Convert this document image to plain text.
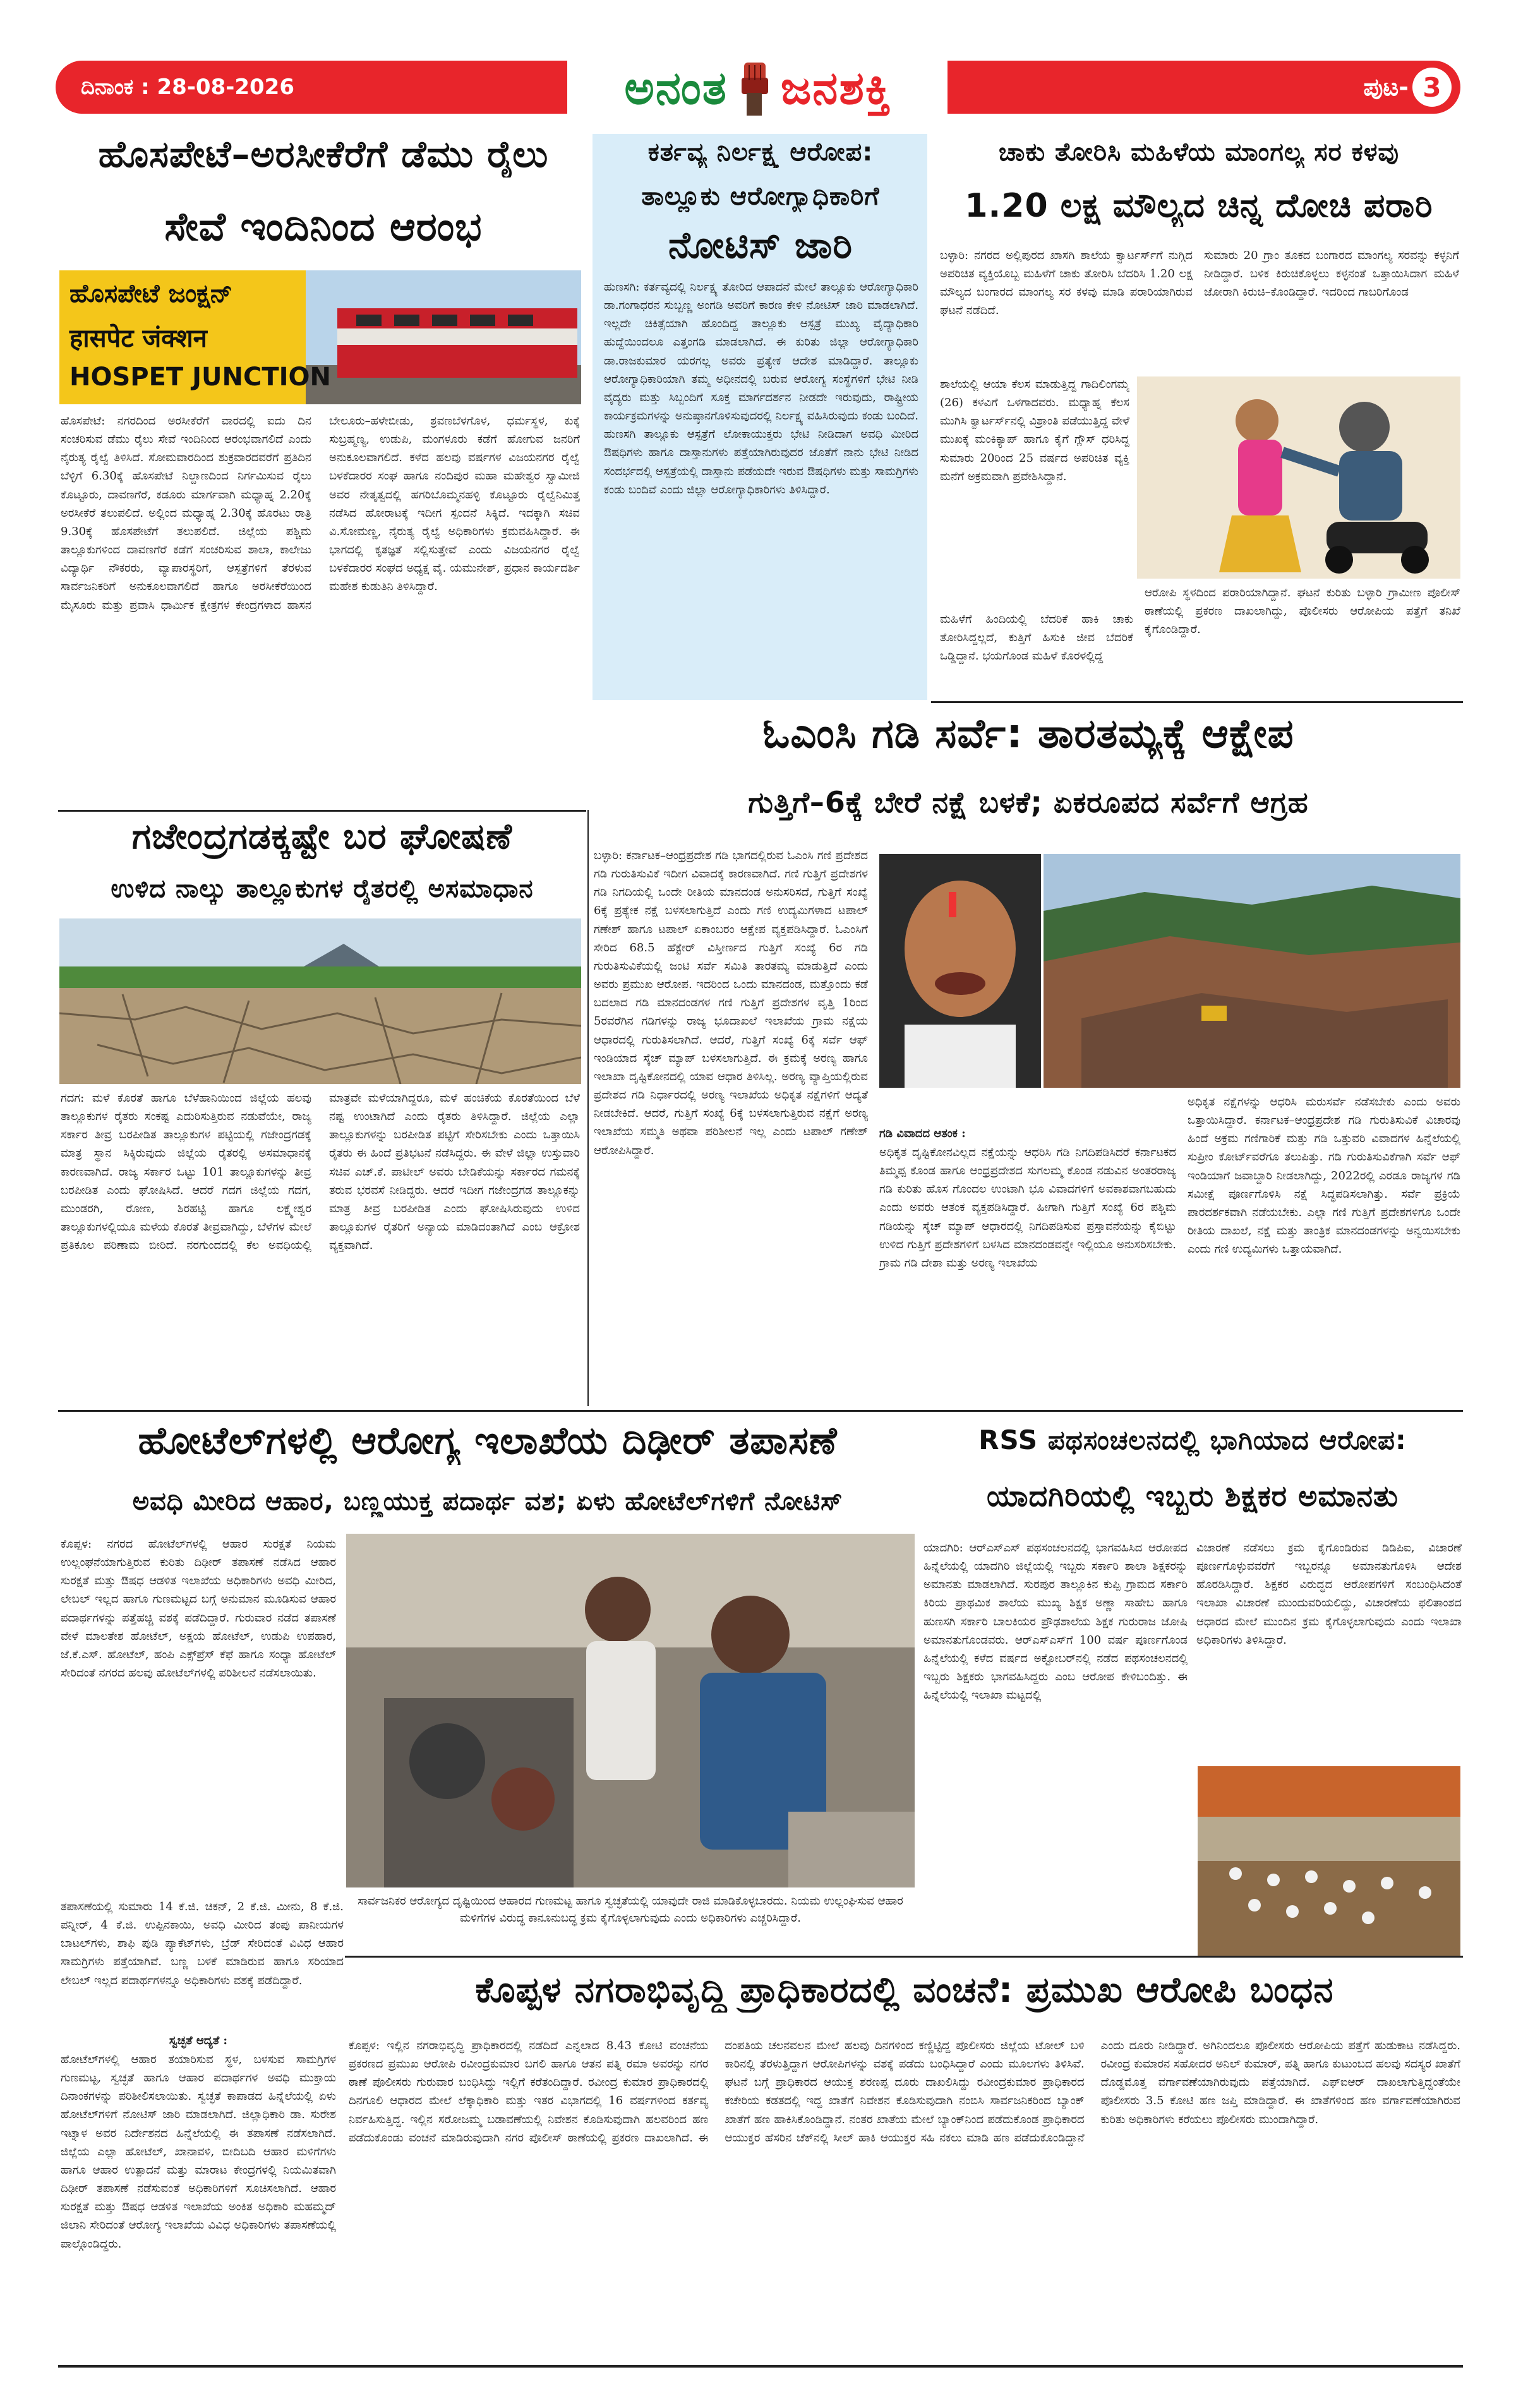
ದಿನಾಂಕ : 28-08-2026	ಅನಂತ ಜನಶಕ್ತಿ	ಪುಟ- 3
ಹೊಸಪೇಟೆ–ಅರಸೀಕೆರೆಗೆ ಡೆಮು ರೈಲು
ಸೇವೆ ಇಂದಿನಿಂದ ಆರಂಭ
ಹೊಸಪೇಟೆ ಜಂಕ್ಷನ್
हासपेट जंक्शन
HOSPET JUNCTION
ಹೊಸಪೇಟೆ: ನಗರದಿಂದ ಅರಸೀಕೆರೆಗೆ ವಾರದಲ್ಲಿ ಐದು ದಿನ ಸಂಚರಿಸುವ ಡೆಮು ರೈಲು ಸೇವೆ ಇಂದಿನಿಂದ ಆರಂಭವಾಗಲಿದೆ ಎಂದು ನೈರುತ್ಯ ರೈಲ್ವೆ ತಿಳಿಸಿದೆ. ಸೋಮವಾರದಿಂದ ಶುಕ್ರವಾರದವರೆಗೆ ಪ್ರತಿದಿನ ಬೆಳ್ಳಿಗೆ 6.30ಕ್ಕೆ ಹೊಸಪೇಟೆ ನಿಲ್ದಾಣದಿಂದ ನಿರ್ಗಮಿಸುವ ರೈಲು ಕೊಟ್ಟೂರು, ದಾವಣಗೆರೆ, ಕಡೂರು ಮಾರ್ಗವಾಗಿ ಮಧ್ಯಾಹ್ನ 2.20ಕ್ಕೆ ಅರಸೀಕೆರೆ ತಲುಪಲಿದೆ. ಅಲ್ಲಿಂದ ಮಧ್ಯಾಹ್ನ 2.30ಕ್ಕೆ ಹೊರಟು ರಾತ್ರಿ 9.30ಕ್ಕೆ ಹೊಸಪೇಟೆಗೆ ತಲುಪಲಿದೆ. ಜಿಲ್ಲೆಯ ಪಶ್ಚಿಮ ತಾಲ್ಲೂಕುಗಳಿಂದ ದಾವಣಗೆರೆ ಕಡೆಗೆ ಸಂಚರಿಸುವ ಶಾಲಾ, ಕಾಲೇಜು ವಿದ್ಯಾರ್ಥಿ ನೌಕರರು, ವ್ಯಾಪಾರಸ್ಥರಿಗೆ, ಆಸ್ಪತ್ರೆಗಳಿಗೆ ತೆರಳುವ ಸಾರ್ವಜನಿಕರಿಗೆ ಅನುಕೂಲವಾಗಲಿದೆ ಹಾಗೂ ಅರಸೀಕೆರೆಯಿಂದ ಮೈಸೂರು ಮತ್ತು ಪ್ರವಾಸಿ ಧಾರ್ಮಿಕ ಕ್ಷೇತ್ರಗಳ ಕೇಂದ್ರಗಳಾದ ಹಾಸನ ಬೇಲೂರು–ಹಳೇಬೀಡು, ಶ್ರವಣಬೆಳಗೊಳ, ಧರ್ಮಸ್ಥಳ, ಕುಕ್ಕೆ ಸುಬ್ರಹ್ಮಣ್ಯ, ಉಡುಪಿ, ಮಂಗಳೂರು ಕಡೆಗೆ ಹೋಗುವ ಜನರಿಗೆ ಅನುಕೂಲವಾಗಲಿದೆ. ಕಳೆದ ಹಲವು ವರ್ಷಗಳ ವಿಜಯನಗರ ರೈಲ್ವೆ ಬಳಕೆದಾರರ ಸಂಘ ಹಾಗೂ ನಂದಿಪುರ ಮಹಾ ಮಹೇಶ್ವರ ಸ್ವಾಮೀಜಿ ಅವರ ನೇತೃತ್ವದಲ್ಲಿ ಹಗರಿಬೊಮ್ಮನಹಳ್ಳಿ ಕೊಟ್ಟೂರು ರೈಲ್ವೆನಿಮಿತ್ತ ನಡೆಸಿದ ಹೋರಾಟಕ್ಕೆ ಇದೀಗ ಸ್ಪಂದನೆ ಸಿಕ್ಕಿದೆ. ಇದಕ್ಕಾಗಿ ಸಚಿವ ವಿ.ಸೋಮಣ್ಣ, ನೈರುತ್ಯ ರೈಲ್ವೆ ಅಧಿಕಾರಿಗಳು ಕ್ರಮವಹಿಸಿದ್ದಾರೆ. ಈ ಭಾಗದಲ್ಲಿ ಕೃತಜ್ಞತೆ ಸಲ್ಲಿಸುತ್ತೇವೆ ಎಂದು ವಿಜಯನಗರ ರೈಲ್ವೆ ಬಳಕೆದಾರರ ಸಂಘದ ಅಧ್ಯಕ್ಷ ವೈ. ಯಮುನೇಶ್, ಪ್ರಧಾನ ಕಾರ್ಯದರ್ಶಿ ಮಹೇಶ ಕುಡುತಿನಿ ತಿಳಿಸಿದ್ದಾರೆ.
ಕರ್ತವ್ಯ ನಿರ್ಲಕ್ಷ್ಯ ಆರೋಪ:
ತಾಲ್ಲೂಕು ಆರೋಗ್ಯಾಧಿಕಾರಿಗೆ
ನೋಟಿಸ್ ಜಾರಿ
ಹುಣಸಗಿ: ಕರ್ತವ್ಯದಲ್ಲಿ ನಿರ್ಲಕ್ಷ್ಯ ತೋರಿದ ಆಪಾದನೆ ಮೇಲೆ ತಾಲ್ಲೂಕು ಆರೋಗ್ಯಾಧಿಕಾರಿ ಡಾ.ಗಂಗಾಧರನ ಸುಬ್ಬಣ್ಣ ಅಂಗಡಿ ಅವರಿಗೆ ಕಾರಣ ಕೇಳಿ ನೋಟಿಸ್ ಜಾರಿ ಮಾಡಲಾಗಿದೆ. ಇಲ್ಲದೇ ಚಿಕಿತ್ಸೆಯಾಗಿ ಹೊಂದಿದ್ದ ತಾಲ್ಲೂಕು ಆಸ್ಪತ್ರೆ ಮುಖ್ಯ ವೈದ್ಯಾಧಿಕಾರಿ ಹುದ್ದೆಯಿಂದಲೂ ಎತ್ತಂಗಡಿ ಮಾಡಲಾಗಿದೆ. ಈ ಕುರಿತು ಜಿಲ್ಲಾ ಆರೋಗ್ಯಾಧಿಕಾರಿ ಡಾ.ರಾಜಕುಮಾರ ಯರಗಲ್ಲ ಅವರು ಪ್ರತ್ಯೇಕ ಆದೇಶ ಮಾಡಿದ್ದಾರೆ. ತಾಲ್ಲೂಕು ಆರೋಗ್ಯಾಧಿಕಾರಿಯಾಗಿ ತಮ್ಮ ಅಧೀನದಲ್ಲಿ ಬರುವ ಆರೋಗ್ಯ ಸಂಸ್ಥೆಗಳಿಗೆ ಭೇಟಿ ನೀಡಿ ವೈದ್ಯರು ಮತ್ತು ಸಿಬ್ಬಂದಿಗೆ ಸೂಕ್ತ ಮಾರ್ಗದರ್ಶನ ನೀಡದೇ ಇರುವುದು, ರಾಷ್ಟ್ರೀಯ ಕಾರ್ಯಕ್ರಮಗಳನ್ನು ಅನುಷ್ಠಾನಗೊಳಿಸುವುದರಲ್ಲಿ ನಿರ್ಲಕ್ಷ್ಯ ವಹಿಸಿರುವುದು ಕಂಡು ಬಂದಿದೆ. ಹುಣಸಗಿ ತಾಲ್ಲೂಕು ಆಸ್ಪತ್ರೆಗೆ ಲೋಕಾಯುಕ್ತರು ಭೇಟಿ ನೀಡಿದಾಗ ಅವಧಿ ಮೀರಿದ ಔಷಧಿಗಳು ಹಾಗೂ ದಾಸ್ತಾನುಗಳು ಪತ್ತೆಯಾಗಿರುವುದರ ಜೊತೆಗೆ ನಾನು ಭೇಟಿ ನೀಡಿದ ಸಂದರ್ಭದಲ್ಲಿ ಆಸ್ಪತ್ರೆಯಲ್ಲಿ ದಾಸ್ತಾನು ಪಡೆಯದೇ ಇರುವ ಔಷಧಿಗಳು ಮತ್ತು ಸಾಮಗ್ರಿಗಳು ಕಂಡು ಬಂದಿವೆ ಎಂದು ಜಿಲ್ಲಾ ಆರೋಗ್ಯಾಧಿಕಾರಿಗಳು ತಿಳಿಸಿದ್ದಾರೆ.
ಚಾಕು ತೋರಿಸಿ ಮಹಿಳೆಯ ಮಾಂಗಲ್ಯ ಸರ ಕಳವು
1.20 ಲಕ್ಷ ಮೌಲ್ಯದ ಚಿನ್ನ ದೋಚಿ ಪರಾರಿ
ಬಳ್ಳಾರಿ: ನಗರದ ಅಲ್ಲಿಪುರದ ಖಾಸಗಿ ಶಾಲೆಯ ಕ್ವಾರ್ಟರ್ಸ್‌ಗೆ ನುಗ್ಗಿದ ಅಪರಿಚಿತ ವ್ಯಕ್ತಿಯೊಬ್ಬ ಮಹಿಳೆಗೆ ಚಾಕು ತೋರಿಸಿ ಬೆದರಿಸಿ 1.20 ಲಕ್ಷ ಮೌಲ್ಯದ ಬಂಗಾರದ ಮಾಂಗಲ್ಯ ಸರ ಕಳವು ಮಾಡಿ ಪರಾರಿಯಾಗಿರುವ ಘಟನೆ ನಡೆದಿದೆ.
ಸುಮಾರು 20 ಗ್ರಾಂ ತೂಕದ ಬಂಗಾರದ ಮಾಂಗಲ್ಯ ಸರವನ್ನು ಕಳ್ಳನಿಗೆ ನೀಡಿದ್ದಾರೆ. ಬಳಿಕ ಕಿರುಚಿಕೊಳ್ಳಲು ಕಳ್ಳನಂತೆ ಒತ್ತಾಯಿಸಿದಾಗ ಮಹಿಳೆ ಜೋರಾಗಿ ಕಿರುಚಿ–ಕೊಂಡಿದ್ದಾರೆ. ಇದರಿಂದ ಗಾಬರಿಗೊಂಡ
ಶಾಲೆಯಲ್ಲಿ ಆಯಾ ಕೆಲಸ ಮಾಡುತ್ತಿದ್ದ ಗಾದಿಲಿಂಗಮ್ಮ (26) ಕಳವಿಗೆ ಒಳಗಾದವರು. ಮಧ್ಯಾಹ್ನ ಕೆಲಸ ಮುಗಿಸಿ ಕ್ವಾರ್ಟರ್ಸ್‌ನಲ್ಲಿ ವಿಶ್ರಾಂತಿ ಪಡೆಯುತ್ತಿದ್ದ ವೇಳೆ ಮುಖಕ್ಕೆ ಮಂಕಿಕ್ಯಾಪ್ ಹಾಗೂ ಕೈಗೆ ಗ್ಲೌಸ್ ಧರಿಸಿದ್ದ ಸುಮಾರು 20ರಿಂದ 25 ವರ್ಷದ ಅಪರಿಚಿತ ವ್ಯಕ್ತಿ ಮನೆಗೆ ಅಕ್ರಮವಾಗಿ ಪ್ರವೇಶಿಸಿದ್ದಾನೆ.
ಆರೋಪಿ ಸ್ಥಳದಿಂದ ಪರಾರಿಯಾಗಿದ್ದಾನೆ. ಘಟನೆ ಕುರಿತು ಬಳ್ಳಾರಿ ಗ್ರಾಮೀಣ ಪೊಲೀಸ್ ಠಾಣೆಯಲ್ಲಿ ಪ್ರಕರಣ ದಾಖಲಾಗಿದ್ದು, ಪೊಲೀಸರು ಆರೋಪಿಯ ಪತ್ತೆಗೆ ತನಿಖೆ ಕೈಗೊಂಡಿದ್ದಾರೆ.
ಮಹಿಳೆಗೆ ಹಿಂದಿಯಲ್ಲಿ ಬೆದರಿಕೆ ಹಾಕಿ ಚಾಕು ತೋರಿಸಿದ್ದಲ್ಲದೆ, ಕುತ್ತಿಗೆ ಹಿಸುಕಿ ಜೀವ ಬೆದರಿಕೆ ಒಡ್ಡಿದ್ದಾನೆ. ಭಯಗೊಂಡ ಮಹಿಳೆ ಕೊರಳಲ್ಲಿದ್ದ
ಓಎಂಸಿ ಗಡಿ ಸರ್ವೆ: ತಾರತಮ್ಯಕ್ಕೆ ಆಕ್ಷೇಪ
ಗುತ್ತಿಗೆ–6ಕ್ಕೆ ಬೇರೆ ನಕ್ಷೆ ಬಳಕೆ; ಏಕರೂಪದ ಸರ್ವೆಗೆ ಆಗ್ರಹ
ಬಳ್ಳಾರಿ: ಕರ್ನಾಟಕ–ಆಂಧ್ರಪ್ರದೇಶ ಗಡಿ ಭಾಗದಲ್ಲಿರುವ ಓಎಂಸಿ ಗಣಿ ಪ್ರದೇಶದ ಗಡಿ ಗುರುತಿಸುವಿಕೆ ಇದೀಗ ವಿವಾದಕ್ಕೆ ಕಾರಣವಾಗಿದೆ. ಗಣಿ ಗುತ್ತಿಗೆ ಪ್ರದೇಶಗಳ ಗಡಿ ನಿಗದಿಯಲ್ಲಿ ಒಂದೇ ರೀತಿಯ ಮಾನದಂಡ ಅನುಸರಿಸದೆ, ಗುತ್ತಿಗೆ ಸಂಖ್ಯೆ 6ಕ್ಕೆ ಪ್ರತ್ಯೇಕ ನಕ್ಷೆ ಬಳಸಲಾಗುತ್ತಿದೆ ಎಂದು ಗಣಿ ಉದ್ಯಮಿಗಳಾದ ಟಪಾಲ್ ಗಣೇಶ್ ಹಾಗೂ ಟಪಾಲ್ ಏಕಾಂಬರಂ ಆಕ್ಷೇಪ ವ್ಯಕ್ತಪಡಿಸಿದ್ದಾರೆ. ಓಎಂಸಿಗೆ ಸೇರಿದ 68.5 ಹೆಕ್ಟೇರ್ ವಿಸ್ತೀರ್ಣದ ಗುತ್ತಿಗೆ ಸಂಖ್ಯೆ 6ರ ಗಡಿ ಗುರುತಿಸುವಿಕೆಯಲ್ಲಿ ಜಂಟಿ ಸರ್ವೆ ಸಮಿತಿ ತಾರತಮ್ಯ ಮಾಡುತ್ತಿದೆ ಎಂದು ಅವರು ಪ್ರಮುಖ ಆರೋಪ. ಇದರಿಂದ ಒಂದು ಮಾನದಂಡ, ಮತ್ತೊಂದು ಕಡೆ ಬದಲಾದ ಗಡಿ ಮಾನದಂಡಗಳ ಗಣಿ ಗುತ್ತಿಗೆ ಪ್ರದೇಶಗಳ ವೃತ್ತಿ 1ರಿಂದ 5ರವರೆಗಿನ ಗಡಿಗಳನ್ನು ರಾಜ್ಯ ಭೂದಾಖಲೆ ಇಲಾಖೆಯ ಗ್ರಾಮ ನಕ್ಷೆಯ ಆಧಾರದಲ್ಲಿ ಗುರುತಿಸಲಾಗಿದೆ. ಆದರೆ, ಗುತ್ತಿಗೆ ಸಂಖ್ಯೆ 6ಕ್ಕೆ ಸರ್ವೆ ಆಫ್ ಇಂಡಿಯಾದ ಸ್ಕೆಚ್ ಮ್ಯಾಪ್ ಬಳಸಲಾಗುತ್ತಿದೆ. ಈ ಕ್ರಮಕ್ಕೆ ಅರಣ್ಯ ಹಾಗೂ ಇಲಾಖಾ ದೃಷ್ಟಿಕೋನದಲ್ಲಿ ಯಾವ ಆಧಾರ ತಿಳಿಸಿಲ್ಲ. ಅರಣ್ಯ ವ್ಯಾಪ್ತಿಯಲ್ಲಿರುವ ಪ್ರದೇಶದ ಗಡಿ ನಿರ್ಧಾರದಲ್ಲಿ ಅರಣ್ಯ ಇಲಾಖೆಯ ಅಧಿಕೃತ ನಕ್ಷೆಗಳಿಗೆ ಆದ್ಯತೆ ನೀಡಬೇಕಿದೆ. ಆದರೆ, ಗುತ್ತಿಗೆ ಸಂಖ್ಯೆ 6ಕ್ಕೆ ಬಳಸಲಾಗುತ್ತಿರುವ ನಕ್ಷೆಗೆ ಅರಣ್ಯ ಇಲಾಖೆಯ ಸಮ್ಮತಿ ಅಥವಾ ಪರಿಶೀಲನೆ ಇಲ್ಲ ಎಂದು ಟಪಾಲ್ ಗಣೇಶ್ ಆರೋಪಿಸಿದ್ದಾರೆ.
ಗಡಿ ವಿವಾದದ ಆತಂಕ :
ಅಧಿಕೃತ ದೃಷ್ಟಿಕೋನವಿಲ್ಲದ ನಕ್ಷೆಯನ್ನು ಆಧರಿಸಿ ಗಡಿ ನಿಗದಿಪಡಿಸಿದರೆ ಕರ್ನಾಟಕದ ತಿಮ್ಮಪ್ಪ ಕೊಂಡ ಹಾಗೂ ಆಂಧ್ರಪ್ರದೇಶದ ಸುಗಲಮ್ಮ ಕೊಂಡ ನಡುವಿನ ಅಂತರರಾಜ್ಯ ಗಡಿ ಕುರಿತು ಹೊಸ ಗೊಂದಲ ಉಂಟಾಗಿ ಭೂ ವಿವಾದಗಳಿಗೆ ಅವಕಾಶವಾಗಬಹುದು ಎಂದು ಅವರು ಆತಂಕ ವ್ಯಕ್ತಪಡಿಸಿದ್ದಾರೆ. ಹೀಗಾಗಿ ಗುತ್ತಿಗೆ ಸಂಖ್ಯೆ 6ರ ಪಶ್ಚಿಮ ಗಡಿಯನ್ನು ಸ್ಕೆಚ್ ಮ್ಯಾಪ್ ಆಧಾರದಲ್ಲಿ ನಿಗದಿಪಡಿಸುವ ಪ್ರಸ್ತಾವನೆಯನ್ನು ಕೈಬಿಟ್ಟು ಉಳಿದ ಗುತ್ತಿಗೆ ಪ್ರದೇಶಗಳಿಗೆ ಬಳಸಿದ ಮಾನದಂಡವನ್ನೇ ಇಲ್ಲಿಯೂ ಅನುಸರಿಸಬೇಕು. ಗ್ರಾಮ ಗಡಿ ದೇಶಾ ಮತ್ತು ಅರಣ್ಯ ಇಲಾಖೆಯ
ಅಧಿಕೃತ ನಕ್ಷೆಗಳನ್ನು ಆಧರಿಸಿ ಮರುಸರ್ವೆ ನಡೆಸಬೇಕು ಎಂದು ಅವರು ಒತ್ತಾಯಿಸಿದ್ದಾರೆ. ಕರ್ನಾಟಕ–ಆಂಧ್ರಪ್ರದೇಶ ಗಡಿ ಗುರುತಿಸುವಿಕೆ ವಿಚಾರವು ಹಿಂದೆ ಅಕ್ರಮ ಗಣಿಗಾರಿಕೆ ಮತ್ತು ಗಡಿ ಒತ್ತುವರಿ ವಿವಾದಗಳ ಹಿನ್ನೆಲೆಯಲ್ಲಿ ಸುಪ್ರೀಂ ಕೋರ್ಟ್‌ವರೆಗೂ ತಲುಪಿತ್ತು. ಗಡಿ ಗುರುತಿಸುವಿಕೆಗಾಗಿ ಸರ್ವೆ ಆಫ್ ಇಂಡಿಯಾಗೆ ಜವಾಬ್ದಾರಿ ನೀಡಲಾಗಿದ್ದು, 2022ರಲ್ಲಿ ಎರಡೂ ರಾಜ್ಯಗಳ ಗಡಿ ಸಮೀಕ್ಷೆ ಪೂರ್ಣಗೊಳಿಸಿ ನಕ್ಷೆ ಸಿದ್ಧಪಡಿಸಲಾಗಿತ್ತು. ಸರ್ವೆ ಪ್ರಕ್ರಿಯೆ ಪಾರದರ್ಶಕವಾಗಿ ನಡೆಯಬೇಕು. ಎಲ್ಲಾ ಗಣಿ ಗುತ್ತಿಗೆ ಪ್ರದೇಶಗಳಿಗೂ ಒಂದೇ ರೀತಿಯ ದಾಖಲೆ, ನಕ್ಷೆ ಮತ್ತು ತಾಂತ್ರಿಕ ಮಾನದಂಡಗಳನ್ನು ಅನ್ವಯಿಸಬೇಕು ಎಂದು ಗಣಿ ಉದ್ಯಮಿಗಳು ಒತ್ತಾಯವಾಗಿದೆ.
ಗಜೇಂದ್ರಗಡಕ್ಕಷ್ಟೇ ಬರ ಘೋಷಣೆ
ಉಳಿದ ನಾಲ್ಕು ತಾಲ್ಲೂಕುಗಳ ರೈತರಲ್ಲಿ ಅಸಮಾಧಾನ
ಗದಗ: ಮಳೆ ಕೊರತೆ ಹಾಗೂ ಬೆಳೆಹಾನಿಯಿಂದ ಜಿಲ್ಲೆಯ ಹಲವು ತಾಲ್ಲೂಕುಗಳ ರೈತರು ಸಂಕಷ್ಟ ಎದುರಿಸುತ್ತಿರುವ ನಡುವೆಯೇ, ರಾಜ್ಯ ಸರ್ಕಾರ ತೀವ್ರ ಬರಪೀಡಿತ ತಾಲ್ಲೂಕುಗಳ ಪಟ್ಟಿಯಲ್ಲಿ ಗಜೇಂದ್ರಗಡಕ್ಕೆ ಮಾತ್ರ ಸ್ಥಾನ ಸಿಕ್ಕಿರುವುದು ಜಿಲ್ಲೆಯ ರೈತರಲ್ಲಿ ಅಸಮಾಧಾನಕ್ಕೆ ಕಾರಣವಾಗಿದೆ. ರಾಜ್ಯ ಸರ್ಕಾರ ಒಟ್ಟು 101 ತಾಲ್ಲೂಕುಗಳನ್ನು ತೀವ್ರ ಬರಪೀಡಿತ ಎಂದು ಘೋಷಿಸಿದೆ. ಆದರೆ ಗದಗ ಜಿಲ್ಲೆಯ ಗದಗ, ಮುಂಡರಗಿ, ರೋಣ, ಶಿರಹಟ್ಟಿ ಹಾಗೂ ಲಕ್ಷ್ಮೇಶ್ವರ ತಾಲ್ಲೂಕುಗಳಲ್ಲಿಯೂ ಮಳೆಯ ಕೊರತೆ ತೀವ್ರವಾಗಿದ್ದು, ಬೆಳೆಗಳ ಮೇಲೆ ಪ್ರತಿಕೂಲ ಪರಿಣಾಮ ಬೀರಿದೆ. ನರಗುಂದದಲ್ಲಿ ಕೆಲ ಅವಧಿಯಲ್ಲಿ ಮಾತ್ರವೇ ಮಳೆಯಾಗಿದ್ದರೂ, ಮಳೆ ಹಂಚಿಕೆಯ ಕೊರತೆಯಿಂದ ಬೆಳೆ ನಷ್ಟ ಉಂಟಾಗಿದೆ ಎಂದು ರೈತರು ತಿಳಿಸಿದ್ದಾರೆ. ಜಿಲ್ಲೆಯ ಎಲ್ಲಾ ತಾಲ್ಲೂಕುಗಳನ್ನು ಬರಪೀಡಿತ ಪಟ್ಟಿಗೆ ಸೇರಿಸಬೇಕು ಎಂದು ಒತ್ತಾಯಿಸಿ ರೈತರು ಈ ಹಿಂದೆ ಪ್ರತಿಭಟನೆ ನಡೆಸಿದ್ದರು. ಈ ವೇಳೆ ಜಿಲ್ಲಾ ಉಸ್ತುವಾರಿ ಸಚಿವ ಎಚ್.ಕೆ. ಪಾಟೀಲ್ ಅವರು ಬೇಡಿಕೆಯನ್ನು ಸರ್ಕಾರದ ಗಮನಕ್ಕೆ ತರುವ ಭರವಸೆ ನೀಡಿದ್ದರು. ಆದರೆ ಇದೀಗ ಗಜೇಂದ್ರಗಡ ತಾಲ್ಲೂಕನ್ನು ಮಾತ್ರ ತೀವ್ರ ಬರಪೀಡಿತ ಎಂದು ಘೋಷಿಸಿರುವುದು ಉಳಿದ ತಾಲ್ಲೂಕುಗಳ ರೈತರಿಗೆ ಅನ್ಯಾಯ ಮಾಡಿದಂತಾಗಿದೆ ಎಂಬ ಆಕ್ರೋಶ ವ್ಯಕ್ತವಾಗಿದೆ.
ಹೋಟೆಲ್‌ಗಳಲ್ಲಿ ಆರೋಗ್ಯ ಇಲಾಖೆಯ ದಿಢೀರ್ ತಪಾಸಣೆ
ಅವಧಿ ಮೀರಿದ ಆಹಾರ, ಬಣ್ಣಯುಕ್ತ ಪದಾರ್ಥ ವಶ; ಏಳು ಹೋಟೆಲ್‌ಗಳಿಗೆ ನೋಟಿಸ್
ಕೊಪ್ಪಳ: ನಗರದ ಹೋಟೆಲ್‌ಗಳಲ್ಲಿ ಆಹಾರ ಸುರಕ್ಷತೆ ನಿಯಮ ಉಲ್ಲಂಘನೆಯಾಗುತ್ತಿರುವ ಕುರಿತು ದಿಢೀರ್ ತಪಾಸಣೆ ನಡೆಸಿದ ಆಹಾರ ಸುರಕ್ಷತೆ ಮತ್ತು ಔಷಧ ಆಡಳಿತ ಇಲಾಖೆಯ ಅಧಿಕಾರಿಗಳು ಅವಧಿ ಮೀರಿದ, ಲೇಬಲ್ ಇಲ್ಲದ ಹಾಗೂ ಗುಣಮಟ್ಟದ ಬಗ್ಗೆ ಅನುಮಾನ ಮೂಡಿಸುವ ಆಹಾರ ಪದಾರ್ಥಗಳನ್ನು ಪತ್ತೆಹಚ್ಚಿ ವಶಕ್ಕೆ ಪಡೆದಿದ್ದಾರೆ. ಗುರುವಾರ ನಡೆದ ತಪಾಸಣೆ ವೇಳೆ ಮಾಲತೇಶ ಹೋಟೆಲ್, ಅಕ್ಷಯ ಹೋಟೆಲ್, ಉಡುಪಿ ಉಪಹಾರ, ಜೆ.ಕೆ.ಎಸ್. ಹೋಟೆಲ್, ಹಂಪಿ ಎಕ್ಸ್‌ಪ್ರೆಸ್ ಕೆಫೆ ಹಾಗೂ ಸಂಧ್ಯಾ ಹೋಟೆಲ್ ಸೇರಿದಂತೆ ನಗರದ ಹಲವು ಹೋಟೆಲ್‌ಗಳಲ್ಲಿ ಪರಿಶೀಲನೆ ನಡೆಸಲಾಯಿತು.
ಸಾರ್ವಜನಿಕರ ಆರೋಗ್ಯದ ದೃಷ್ಟಿಯಿಂದ ಆಹಾರದ ಗುಣಮಟ್ಟ ಹಾಗೂ ಸ್ವಚ್ಛತೆಯಲ್ಲಿ ಯಾವುದೇ ರಾಜಿ ಮಾಡಿಕೊಳ್ಳಬಾರದು. ನಿಯಮ ಉಲ್ಲಂಘಿಸುವ ಆಹಾರ ಮಳಿಗೆಗಳ ವಿರುದ್ಧ ಕಾನೂನುಬದ್ಧ ಕ್ರಮ ಕೈಗೊಳ್ಳಲಾಗುವುದು ಎಂದು ಅಧಿಕಾರಿಗಳು ಎಚ್ಚರಿಸಿದ್ದಾರೆ.
ತಪಾಸಣೆಯಲ್ಲಿ ಸುಮಾರು 14 ಕೆ.ಜಿ. ಚಿಕನ್, 2 ಕೆ.ಜಿ. ಮೀನು, 8 ಕೆ.ಜಿ. ಪನ್ನೀರ್, 4 ಕೆ.ಜಿ. ಉಪ್ಪಿನಕಾಯಿ, ಅವಧಿ ಮೀರಿದ ತಂಪು ಪಾನೀಯಗಳ ಬಾಟಲ್‌ಗಳು, ಶಾಫಿ ಪುಡಿ ಪ್ಯಾಕೆಟ್‌ಗಳು, ಬ್ರೆಡ್ ಸೇರಿದಂತೆ ವಿವಿಧ ಆಹಾರ ಸಾಮಗ್ರಿಗಳು ಪತ್ತೆಯಾಗಿವೆ. ಬಣ್ಣ ಬಳಕೆ ಮಾಡಿರುವ ಹಾಗೂ ಸರಿಯಾದ ಲೇಬಲ್ ಇಲ್ಲದ ಪದಾರ್ಥಗಳನ್ನೂ ಅಧಿಕಾರಿಗಳು ವಶಕ್ಕೆ ಪಡೆದಿದ್ದಾರೆ.
ಸ್ವಚ್ಛತೆ ಆದ್ಯತೆ :
ಹೋಟೆಲ್‌ಗಳಲ್ಲಿ ಆಹಾರ ತಯಾರಿಸುವ ಸ್ಥಳ, ಬಳಸುವ ಸಾಮಗ್ರಿಗಳ ಗುಣಮಟ್ಟ, ಸ್ವಚ್ಛತೆ ಹಾಗೂ ಆಹಾರ ಪದಾರ್ಥಗಳ ಅವಧಿ ಮುಕ್ತಾಯ ದಿನಾಂಕಗಳನ್ನು ಪರಿಶೀಲಿಸಲಾಯಿತು. ಸ್ವಚ್ಛತೆ ಕಾಪಾಡದ ಹಿನ್ನೆಲೆಯಲ್ಲಿ ಏಳು ಹೋಟೆಲ್‌ಗಳಿಗೆ ನೋಟಿಸ್ ಜಾರಿ ಮಾಡಲಾಗಿದೆ. ಜಿಲ್ಲಾಧಿಕಾರಿ ಡಾ. ಸುರೇಶ ಇಟ್ನಾಳ ಅವರ ನಿರ್ದೇಶನದ ಹಿನ್ನೆಲೆಯಲ್ಲಿ ಈ ತಪಾಸಣೆ ನಡೆಸಲಾಗಿದೆ. ಜಿಲ್ಲೆಯ ಎಲ್ಲಾ ಹೋಟೆಲ್, ಖಾನಾವಳಿ, ಬೀದಿಬದಿ ಆಹಾರ ಮಳಿಗೆಗಳು ಹಾಗೂ ಆಹಾರ ಉತ್ಪಾದನೆ ಮತ್ತು ಮಾರಾಟ ಕೇಂದ್ರಗಳಲ್ಲಿ ನಿಯಮಿತವಾಗಿ ದಿಢೀರ್ ತಪಾಸಣೆ ನಡೆಸುವಂತೆ ಅಧಿಕಾರಿಗಳಿಗೆ ಸೂಚಿಸಲಾಗಿದೆ. ಆಹಾರ ಸುರಕ್ಷತೆ ಮತ್ತು ಔಷಧ ಆಡಳಿತ ಇಲಾಖೆಯ ಅಂಕಿತ ಅಧಿಕಾರಿ ಮಹಮ್ಮದ್ ಜಿಲಾನಿ ಸೇರಿದಂತೆ ಆರೋಗ್ಯ ಇಲಾಖೆಯ ವಿವಿಧ ಅಧಿಕಾರಿಗಳು ತಪಾಸಣೆಯಲ್ಲಿ ಪಾಲ್ಗೊಂಡಿದ್ದರು.
RSS ಪಥಸಂಚಲನದಲ್ಲಿ ಭಾಗಿಯಾದ ಆರೋಪ:
ಯಾದಗಿರಿಯಲ್ಲಿ ಇಬ್ಬರು ಶಿಕ್ಷಕರ ಅಮಾನತು
ಯಾದಗಿರಿ: ಆರ್‌ಎಸ್‌ಎಸ್ ಪಥಸಂಚಲನದಲ್ಲಿ ಭಾಗವಹಿಸಿದ ಆರೋಪದ ಹಿನ್ನೆಲೆಯಲ್ಲಿ ಯಾದಗಿರಿ ಜಿಲ್ಲೆಯಲ್ಲಿ ಇಬ್ಬರು ಸರ್ಕಾರಿ ಶಾಲಾ ಶಿಕ್ಷಕರನ್ನು ಅಮಾನತು ಮಾಡಲಾಗಿದೆ. ಸುರಪುರ ತಾಲ್ಲೂಕಿನ ಕುಪ್ಪಿ ಗ್ರಾಮದ ಸರ್ಕಾರಿ ಕಿರಿಯ ಪ್ರಾಥಮಿಕ ಶಾಲೆಯ ಮುಖ್ಯ ಶಿಕ್ಷಕ ಅಣ್ಣಾ ಸಾಹೇಬ ಹಾಗೂ ಹುಣಸಗಿ ಸರ್ಕಾರಿ ಬಾಲಕಿಯರ ಪ್ರೌಢಶಾಲೆಯ ಶಿಕ್ಷಕ ಗುರುರಾಜ ಜೋಷಿ ಅಮಾನತುಗೊಂಡವರು. ಆರ್‌ಎಸ್‌ಎಸ್‌ಗೆ 100 ವರ್ಷ ಪೂರ್ಣಗೊಂಡ ಹಿನ್ನೆಲೆಯಲ್ಲಿ ಕಳೆದ ವರ್ಷದ ಅಕ್ಟೋಬರ್‌ನಲ್ಲಿ ನಡೆದ ಪಥಸಂಚಲನದಲ್ಲಿ ಇಬ್ಬರು ಶಿಕ್ಷಕರು ಭಾಗವಹಿಸಿದ್ದರು ಎಂಬ ಆರೋಪ ಕೇಳಿಬಂದಿತ್ತು. ಈ ಹಿನ್ನೆಲೆಯಲ್ಲಿ ಇಲಾಖಾ ಮಟ್ಟದಲ್ಲಿ
ವಿಚಾರಣೆ ನಡೆಸಲು ಕ್ರಮ ಕೈಗೊಂಡಿರುವ ಡಿಡಿಪಿಐ, ವಿಚಾರಣೆ ಪೂರ್ಣಗೊಳ್ಳುವವರೆಗೆ ಇಬ್ಬರನ್ನೂ ಅಮಾನತುಗೊಳಿಸಿ ಆದೇಶ ಹೊರಡಿಸಿದ್ದಾರೆ. ಶಿಕ್ಷಕರ ವಿರುದ್ಧದ ಆರೋಪಗಳಿಗೆ ಸಂಬಂಧಿಸಿದಂತೆ ಇಲಾಖಾ ವಿಚಾರಣೆ ಮುಂದುವರಿಯಲಿದ್ದು, ವಿಚಾರಣೆಯ ಫಲಿತಾಂಶದ ಆಧಾರದ ಮೇಲೆ ಮುಂದಿನ ಕ್ರಮ ಕೈಗೊಳ್ಳಲಾಗುವುದು ಎಂದು ಇಲಾಖಾ ಅಧಿಕಾರಿಗಳು ತಿಳಿಸಿದ್ದಾರೆ.
ಕೊಪ್ಪಳ ನಗರಾಭಿವೃದ್ಧಿ ಪ್ರಾಧಿಕಾರದಲ್ಲಿ ವಂಚನೆ: ಪ್ರಮುಖ ಆರೋಪಿ ಬಂಧನ
ಕೊಪ್ಪಳ: ಇಲ್ಲಿನ ನಗರಾಭಿವೃದ್ಧಿ ಪ್ರಾಧಿಕಾರದಲ್ಲಿ ನಡೆದಿದೆ ಎನ್ನಲಾದ 8.43 ಕೋಟಿ ವಂಚನೆಯ ಪ್ರಕರಣದ ಪ್ರಮುಖ ಆರೋಪಿ ರವೀಂದ್ರಕುಮಾರ ಬಗಲಿ ಹಾಗೂ ಆತನ ಪತ್ನಿ ರಮಾ ಅವರನ್ನು ನಗರ ಠಾಣೆ ಪೊಲೀಸರು ಗುರುವಾರ ಬಂಧಿಸಿದ್ದು ಇಲ್ಲಿಗೆ ಕರೆತಂದಿದ್ದಾರೆ. ರವೀಂದ್ರ ಕುಮಾರ ಪ್ರಾಧಿಕಾರದಲ್ಲಿ ದಿನಗೂಲಿ ಆಧಾರದ ಮೇಲೆ ಲೆಕ್ಕಾಧಿಕಾರಿ ಮತ್ತು ಇತರ ವಿಭಾಗದಲ್ಲಿ 16 ವರ್ಷಗಳಿಂದ ಕರ್ತವ್ಯ ನಿರ್ವಹಿಸುತ್ತಿದ್ದ. ಇಲ್ಲಿನ ಸರೋಜಮ್ಮ ಬಡಾವಣೆಯಲ್ಲಿ ನಿವೇಶನ ಕೊಡಿಸುವುದಾಗಿ ಹಲವರಿಂದ ಹಣ ಪಡೆದುಕೊಂಡು ವಂಚನೆ ಮಾಡಿರುವುದಾಗಿ ನಗರ ಪೊಲೀಸ್ ಠಾಣೆಯಲ್ಲಿ ಪ್ರಕರಣ ದಾಖಲಾಗಿದೆ. ಈ ದಂಪತಿಯ ಚಲನವಲನ ಮೇಲೆ ಹಲವು ದಿನಗಳಿಂದ ಕಣ್ಣಿಟ್ಟಿದ್ದ ಪೊಲೀಸರು ಜಿಲ್ಲೆಯ ಟೋಲ್ ಬಳಿ ಕಾರಿನಲ್ಲಿ ತೆರಳುತ್ತಿದ್ದಾಗ ಆರೋಪಿಗಳನ್ನು ವಶಕ್ಕೆ ಪಡೆದು ಬಂಧಿಸಿದ್ದಾರೆ ಎಂದು ಮೂಲಗಳು ತಿಳಿಸಿವೆ. ಘಟನೆ ಬಗ್ಗೆ ಪ್ರಾಧಿಕಾರದ ಆಯುಕ್ತ ಶರಣಪ್ಪ ದೂರು ದಾಖಲಿಸಿದ್ದು ರವೀಂದ್ರಕುಮಾರ ಪ್ರಾಧಿಕಾರದ ಕಚೇರಿಯ ಕಡತದಲ್ಲಿ ಇದ್ದ ಖಾತೆಗೆ ನಿವೇಶನ ಕೊಡಿಸುವುದಾಗಿ ನಂಬಿಸಿ ಸಾರ್ವಜನಿಕರಿಂದ ಬ್ಯಾಂಕ್ ಖಾತೆಗೆ ಹಣ ಹಾಕಿಸಿಕೊಂಡಿದ್ದಾನೆ. ನಂತರ ಖಾತೆಯ ಮೇಲೆ ಬ್ಯಾಂಕ್‌ನಿಂದ ಪಡೆದುಕೊಂಡ ಪ್ರಾಧಿಕಾರದ ಆಯುಕ್ತರ ಹೆಸರಿನ ಚೆಕ್‌ನಲ್ಲಿ ಸೀಲ್ ಹಾಕಿ ಆಯುಕ್ತರ ಸಹಿ ನಕಲು ಮಾಡಿ ಹಣ ಪಡೆದುಕೊಂಡಿದ್ದಾನೆ ಎಂದು ದೂರು ನೀಡಿದ್ದಾರೆ. ಅಗಿನಿಂದಲೂ ಪೊಲೀಸರು ಆರೋಪಿಯ ಪತ್ತೆಗೆ ಹುಡುಕಾಟ ನಡೆಸಿದ್ದರು. ರವೀಂದ್ರ ಕುಮಾರನ ಸಹೋದರ ಅನಿಲ್ ಕುಮಾರ್, ಪತ್ನಿ ಹಾಗೂ ಕುಟುಂಬದ ಹಲವು ಸದಸ್ಯರ ಖಾತೆಗೆ ದೊಡ್ಡಮೊತ್ತ ವರ್ಗಾವಣೆಯಾಗಿರುವುದು ಪತ್ತೆಯಾಗಿದೆ. ಎಫ್‌ಐಆರ್ ದಾಖಲಾಗುತ್ತಿದ್ದಂತೆಯೇ ಪೊಲೀಸರು 3.5 ಕೋಟಿ ಹಣ ಜಪ್ತಿ ಮಾಡಿದ್ದಾರೆ. ಈ ಖಾತೆಗಳಿಂದ ಹಣ ವರ್ಗಾವಣೆಯಾಗಿರುವ ಕುರಿತು ಅಧಿಕಾರಿಗಳು ಕರೆಯಲು ಪೊಲೀಸರು ಮುಂದಾಗಿದ್ದಾರೆ.
